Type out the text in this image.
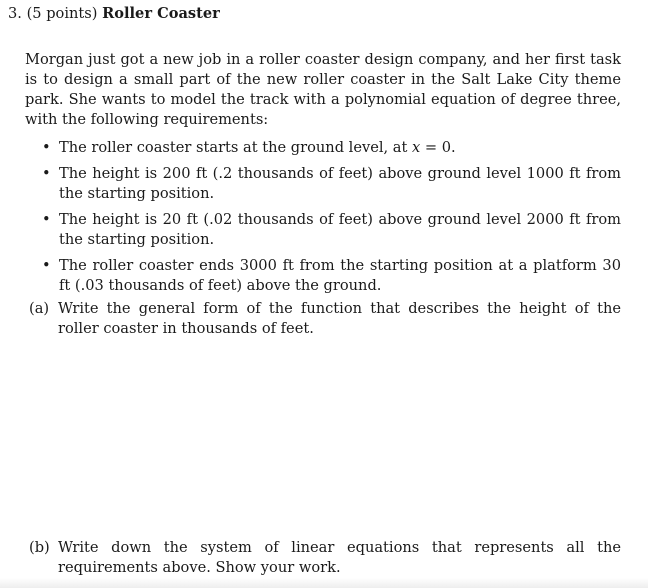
3. (5 points) Roller Coaster
Morgan just got a new job in a roller coaster design company, and her first task is to design a small part of the new roller coaster in the Salt Lake City theme park. She wants to model the track with a polynomial equation of degree three, with the following requirements:
• The roller coaster starts at the ground level, at x = 0.
• The height is 200 ft (.2 thousands of feet) above ground level 1000 ft from the starting position.
• The height is 20 ft (.02 thousands of feet) above ground level 2000 ft from the starting position.
• The roller coaster ends 3000 ft from the starting position at a platform 30 ft (.03 thousands of feet) above the ground.
(a) Write the general form of the function that describes the height of the roller coaster in thousands of feet.
(b) Write down the system of linear equations that represents all the requirements above. Show your work.
